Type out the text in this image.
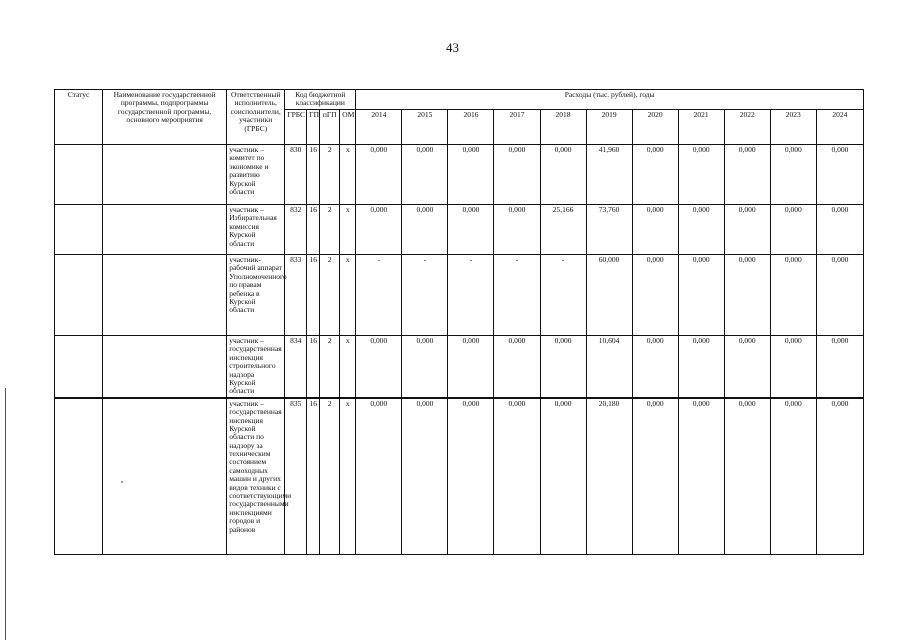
43
Статус	Наименование государственной программы, подпрограммы государственной программы, основного мероприятия	Ответственный исполнитель, соисполнители, участники (ГРБС)	Код бюджетной классификации				Расходы (тыс. рублей), годы										
			ГРБС	ГП	пГП	ОМ	2014	2015	2016	2017	2018	2019	2020	2021	2022	2023	2024
		участник – комитет по экономике и развитию Курской области	830	16	2	x	0,000	0,000	0,000	0,000	0,000	41,960	0,000	0,000	0,000	0,000	0,000
		участник – Избирательная комиссия Курской области	832	16	2	x	0,000	0,000	0,000	0,000	25,166	73,760	0,000	0,000	0,000	0,000	0,000
		участник- рабочий аппарат Уполномоченного по правам ребенка в Курской области	833	16	2	x	-	-	-	-	-	60,000	0,000	0,000	0,000	0,000	0,000
		участник – государственная инспекция строительного надзора Курской области	834	16	2	x	0,000	0,000	0,000	0,000	0,000	10,604	0,000	0,000	0,000	0,000	0,000
		участник – государственная инспекция Курской области по надзору за техническим состоянием самоходных машин и других видов техники с соответствующими государственными инспекциями городов и районов	835	16	2	x	0,000	0,000	0,000	0,000	0,000	20,180	0,000	0,000	0,000	0,000	0,000
